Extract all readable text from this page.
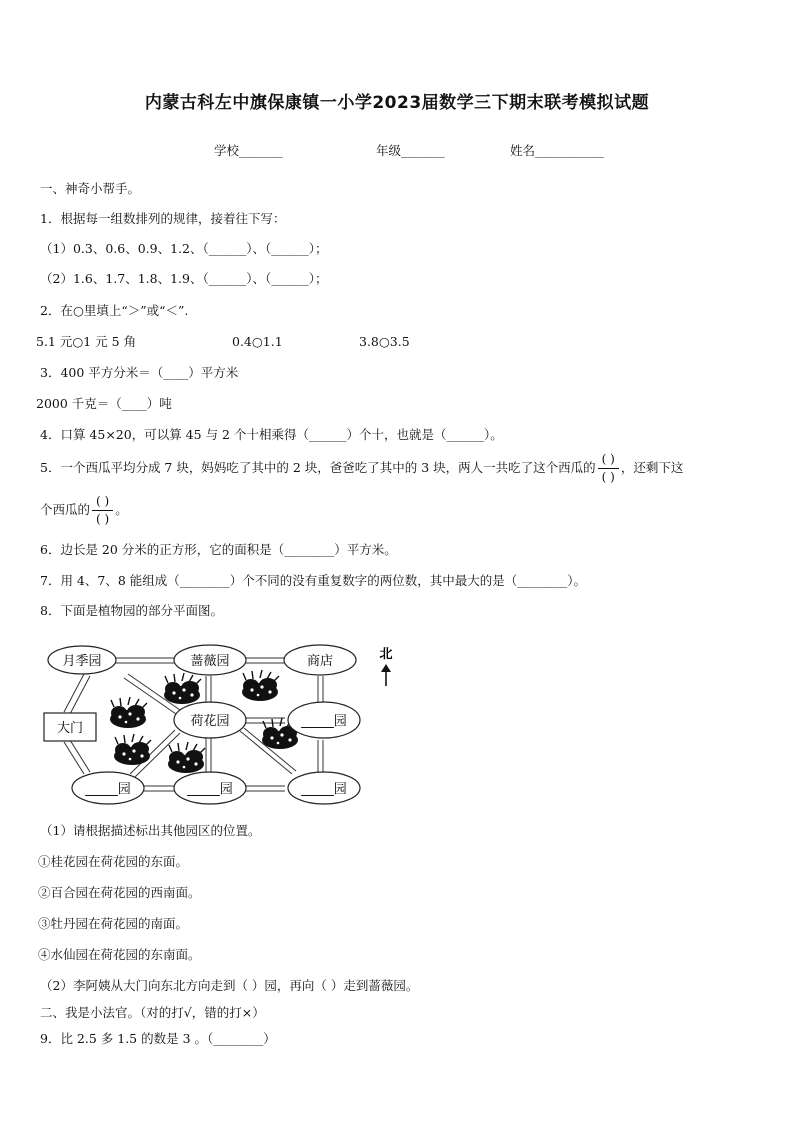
内蒙古科左中旗保康镇一小学2023届数学三下期末联考模拟试题
学校_______	年级_______	姓名___________
一、神奇小帮手。
1．根据每一组数排列的规律，接着往下写：
（1）0.3、0.6、0.9、1.2、（______）、（______）；
（2）1.6、1.7、1.8、1.9、（______）、（______）；
2．在○里填上“＞”或“＜”.
5.1 元○1 元 5 角	0.4○1.1	3.8○3.5
3．400 平方分米＝（____）平方米
2000 千克＝（____）吨
4．口算 45×20，可以算 45 与 2 个十相乘得（______）个十，也就是（______）。
5．一个西瓜平均分成 7 块，妈妈吃了其中的 2 块，爸爸吃了其中的 3 块，两人一共吃了这个西瓜的 $\frac{( )}{( )}$ ，还剩下这
个西瓜的 $\frac{( )}{( )}$ 。
6．边长是 20 分米的正方形，它的面积是（________）平方米。
7．用 4、7、8 能组成（________）个不同的没有重复数字的两位数，其中最大的是（________）。
8．下面是植物园的部分平面图。
月季园	蔷薇园	商店
荷花园	_____园
大门
_____园	_____园	_____园
北
（1）请根据描述标出其他园区的位置。
①桂花园在荷花园的东面。
②百合园在荷花园的西南面。
③牡丹园在荷花园的南面。
④水仙园在荷花园的东南面。
（2）李阿姨从大门向东北方向走到（ ）园，再向（ ）走到蔷薇园。
二、我是小法官。（对的打√，错的打×）
9．比 2.5 多 1.5 的数是 3 。（________）
